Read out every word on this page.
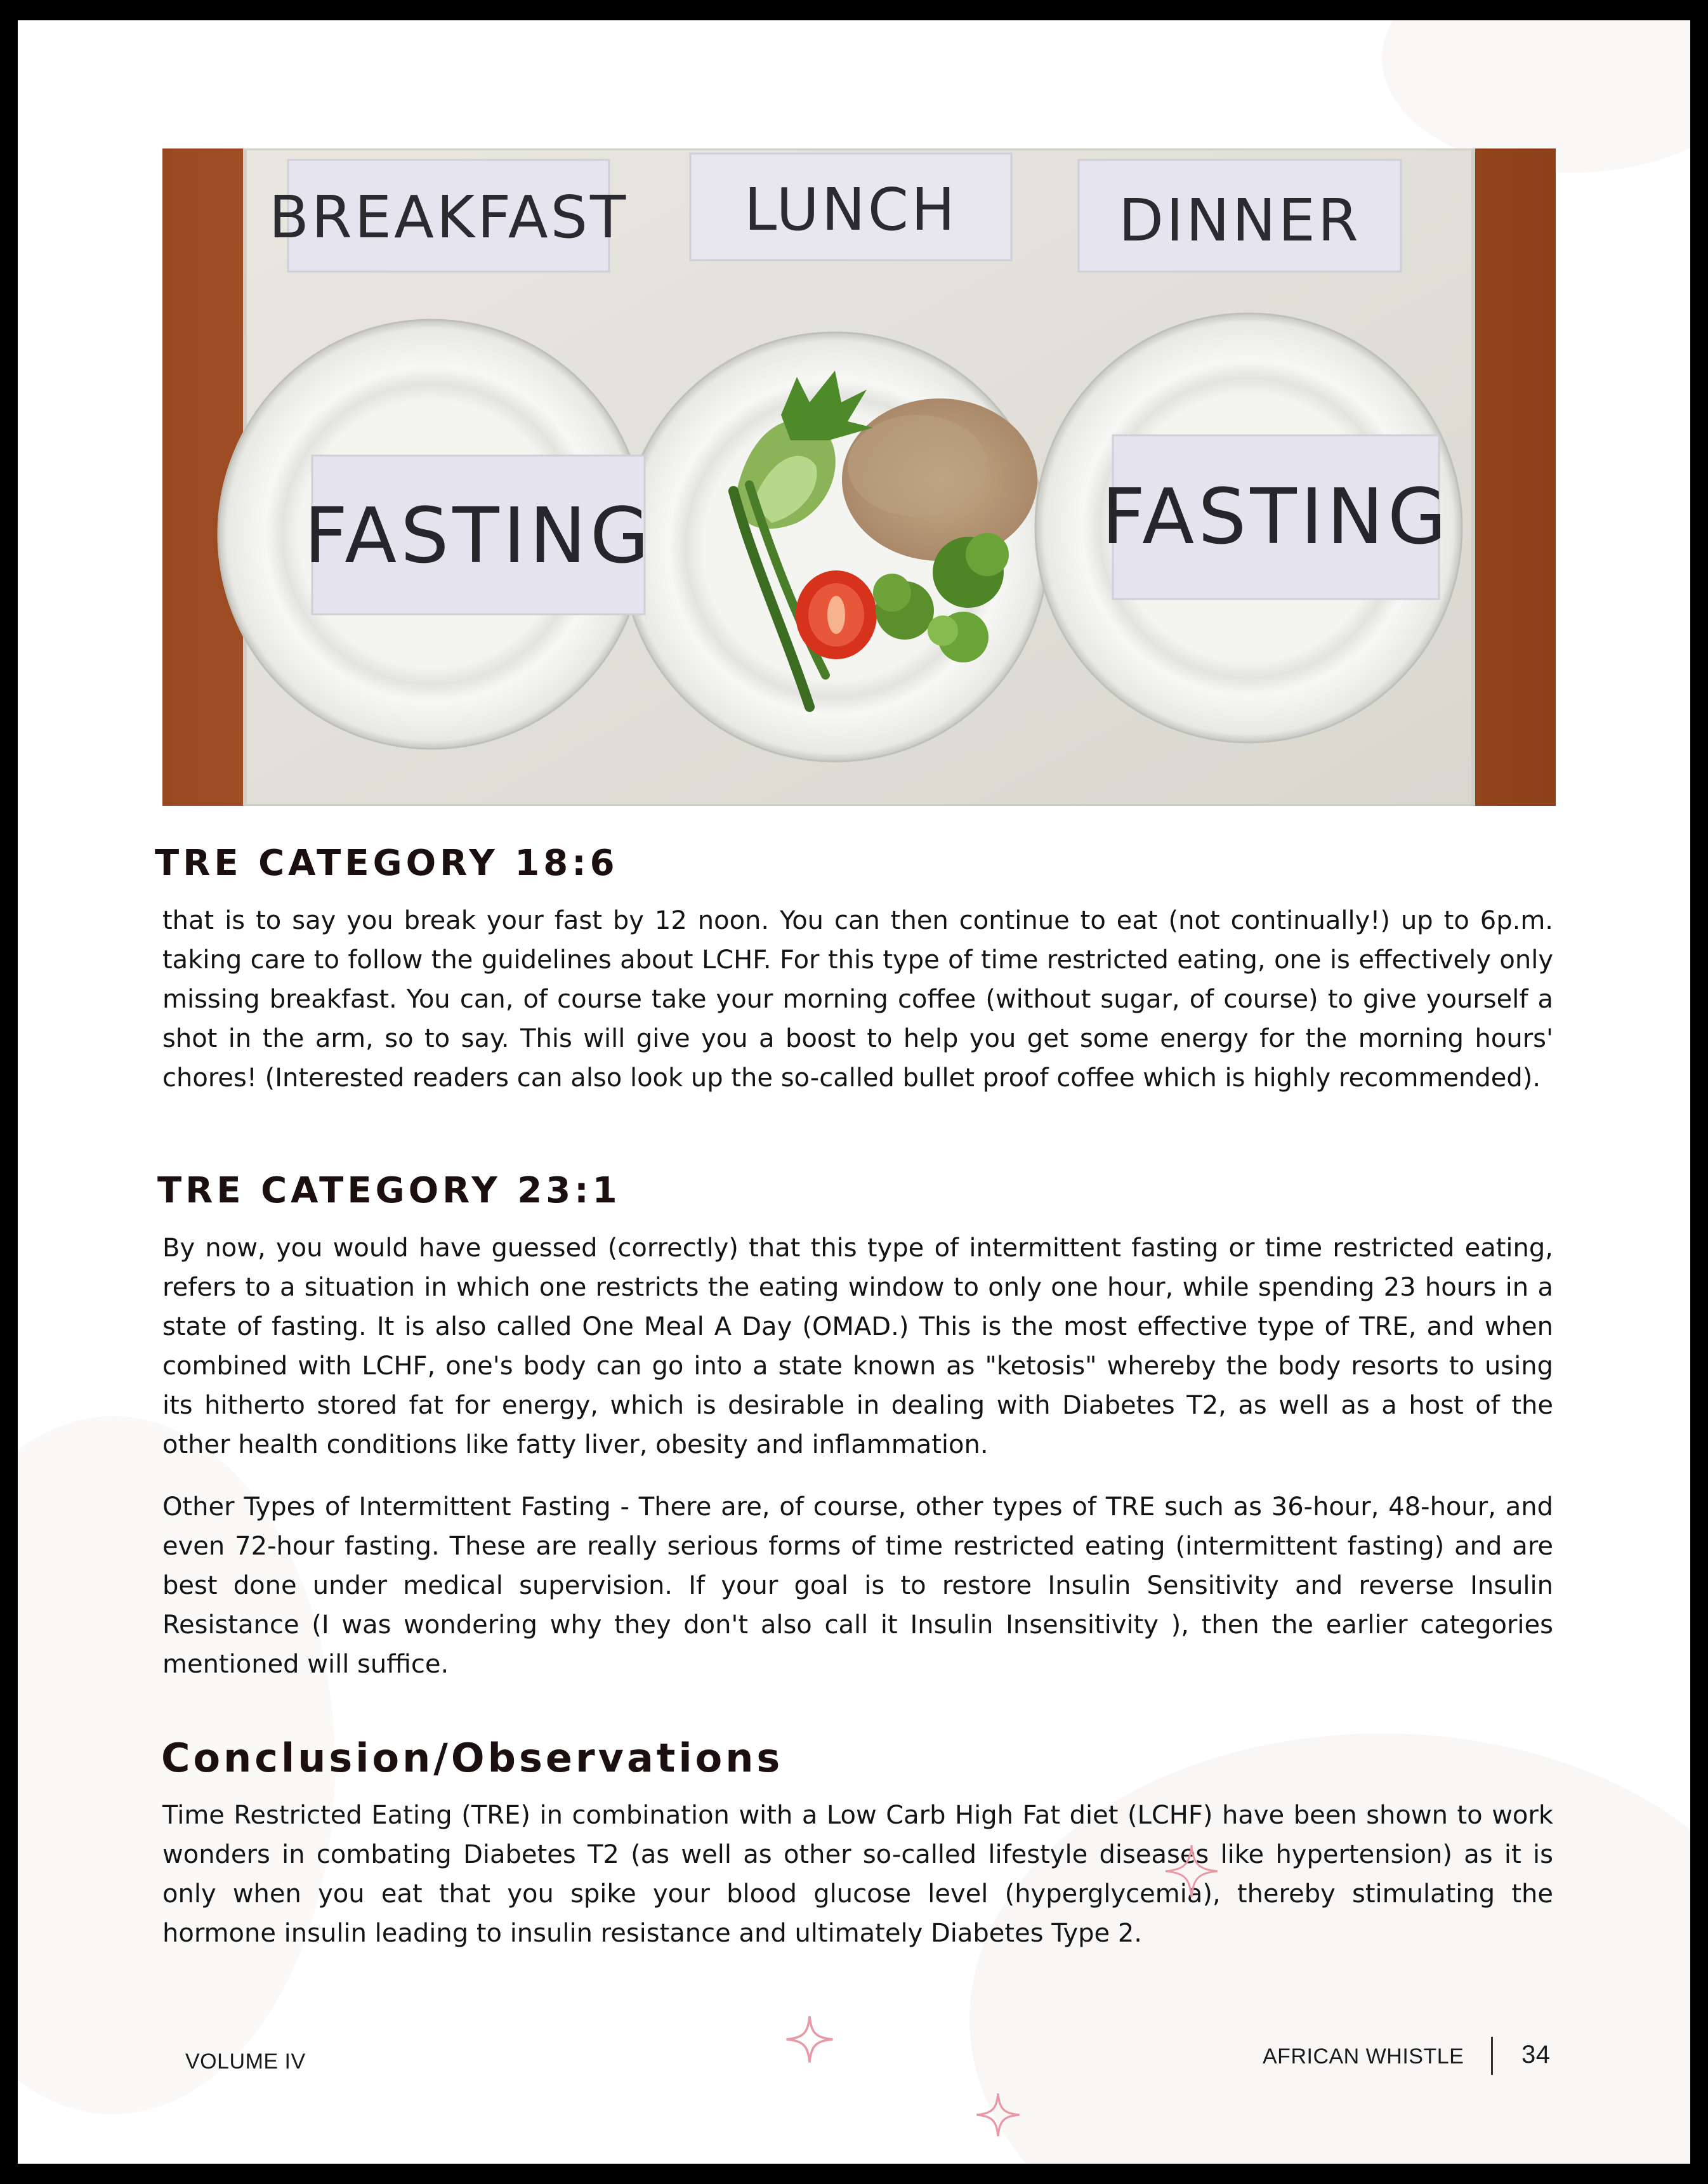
BREAKFAST LUNCH	DINNER
FASTING	FASTING
TRE CATEGORY 18:6

that is to say you break your fast by 12 noon. You can then continue to eat (not continually!) up to 6p.m. taking care to follow the guidelines about LCHF. For this type of time restricted eating, one is effectively only missing breakfast. You can, of course take your morning coffee (without sugar, of course) to give yourself a shot in the arm, so to say. This will give you a boost to help you get some energy for the morning hours' chores! (Interested readers can also look up the so-called bullet proof coffee which is highly recommended).

TRE CATEGORY 23:1

By now, you would have guessed (correctly) that this type of intermittent fasting or time restricted eating, refers to a situation in which one restricts the eating window to only one hour, while spending 23 hours in a state of fasting. It is also called One Meal A Day (OMAD.) This is the most effective type of TRE, and when combined with LCHF, one's body can go into a state known as "ketosis" whereby the body resorts to using its hitherto stored fat for energy, which is desirable in dealing with Diabetes T2, as well as a host of the other health conditions like fatty liver, obesity and inflammation.

Other Types of Intermittent Fasting - There are, of course, other types of TRE such as 36-hour, 48-hour, and even 72-hour fasting. These are really serious forms of time restricted eating (intermittent fasting) and are best done under medical supervision. If your goal is to restore Insulin Sensitivity and reverse Insulin Resistance (I was wondering why they don't also call it Insulin Insensitivity ), then the earlier categories mentioned will suffice.

Conclusion/Observations

Time Restricted Eating (TRE) in combination with a Low Carb High Fat diet (LCHF) have been shown to work wonders in combating Diabetes T2 (as well as other so-called lifestyle diseases like hypertension) as it is only when you eat that you spike your blood glucose level (hyperglycemia), thereby stimulating the hormone insulin leading to insulin resistance and ultimately Diabetes Type 2.

VOLUME IV	AFRICAN WHISTLE 34
